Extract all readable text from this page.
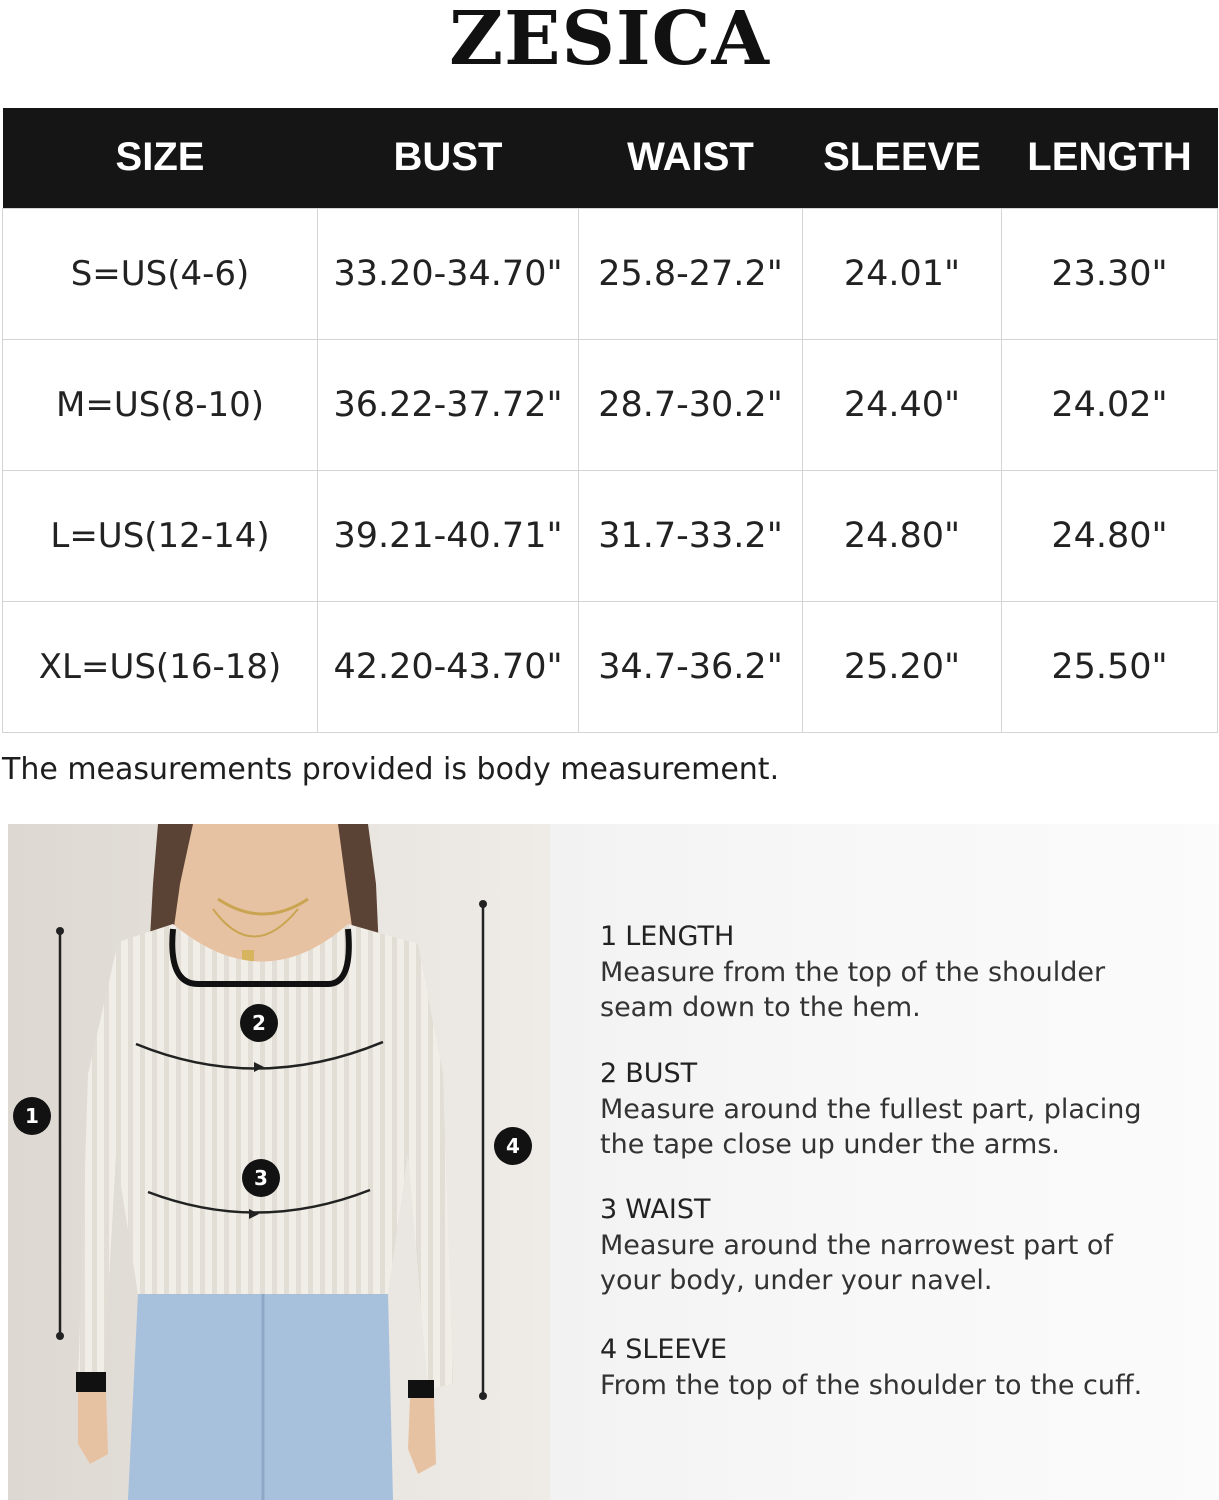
ZESICA
SIZE	BUST	WAIST	SLEEVE	LENGTH
S=US(4-6)	33.20-34.70"	25.8-27.2"	24.01"	23.30"
M=US(8-10)	36.22-37.72"	28.7-30.2"	24.40"	24.02"
L=US(12-14)	39.21-40.71"	31.7-33.2"	24.80"	24.80"
XL=US(16-18)	42.20-43.70"	34.7-36.2"	25.20"	25.50"
The measurements provided is body measurement.
1
2
3
4
1 LENGTH
Measure from the top of the shoulder
seam down to the hem.
2 BUST
Measure around the fullest part, placing
the tape close up under the arms.
3 WAIST
Measure around the narrowest part of
your body, under your navel.
4 SLEEVE
From the top of the shoulder to the cuff.
